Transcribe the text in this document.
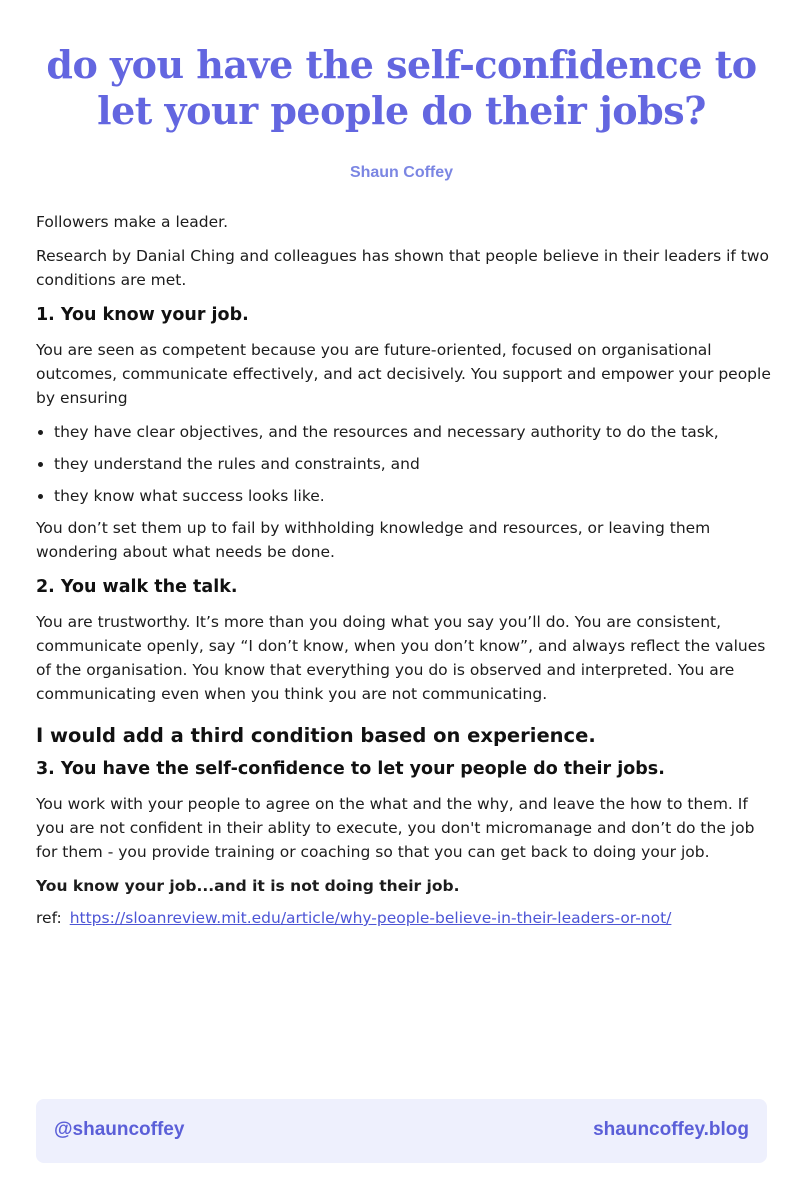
do you have the self-confidence to let your people do their jobs?
Shaun Coffey

Followers make a leader.

Research by Danial Ching and colleagues has shown that people believe in their leaders if two conditions are met.

1. You know your job.

You are seen as competent because you are future-oriented, focused on organisational outcomes, communicate effectively, and act decisively. You support and empower your people by ensuring

• they have clear objectives, and the resources and necessary authority to do the task,
• they understand the rules and constraints, and
• they know what success looks like.

You don’t set them up to fail by withholding knowledge and resources, or leaving them wondering about what needs be done.

2. You walk the talk.

You are trustworthy. It’s more than you doing what you say you’ll do. You are consistent, communicate openly, say “I don’t know, when you don’t know”, and always reflect the values of the organisation. You know that everything you do is observed and interpreted. You are communicating even when you think you are not communicating.

I would add a third condition based on experience.
3. You have the self-confidence to let your people do their jobs.

You work with your people to agree on the what and the why, and leave the how to them. If you are not confident in their ablity to execute, you don't micromanage and don’t do the job for them - you provide training or coaching so that you can get back to doing your job.

You know your job...and it is not doing their job.

ref: https://sloanreview.mit.edu/article/why-people-believe-in-their-leaders-or-not/

@shauncoffey	shauncoffey.blog
